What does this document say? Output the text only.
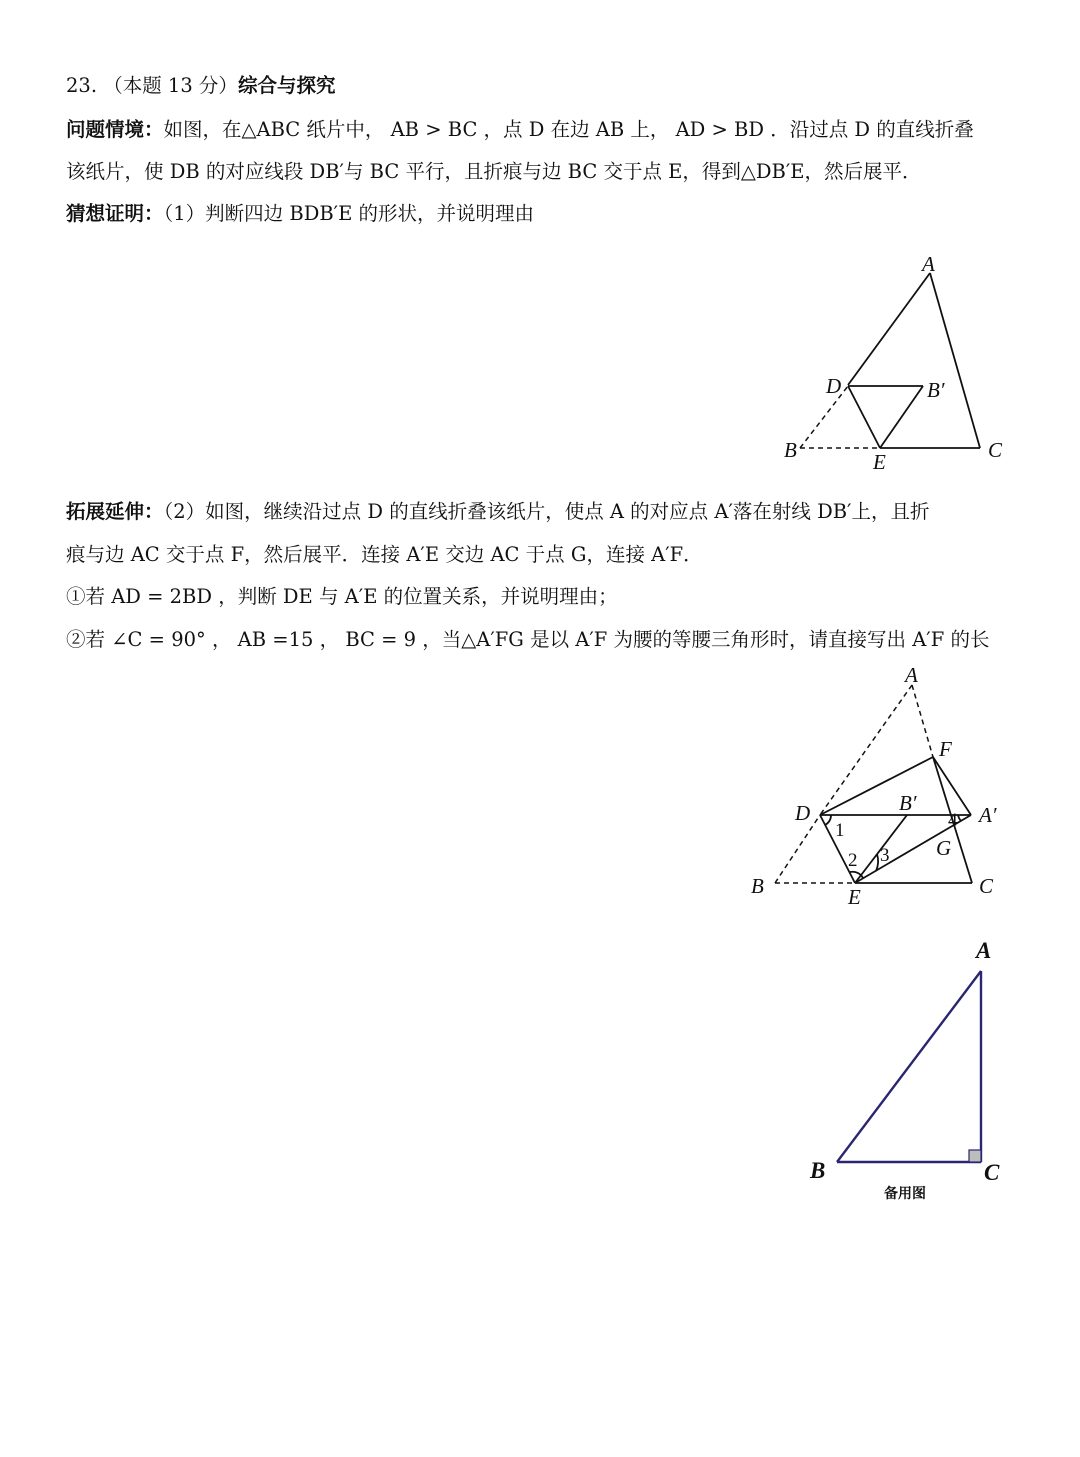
23. （本题 13 分）综合与探究
问题情境：如图，在△ABC 纸片中， AB > BC ，点 D 在边 AB 上， AD > BD ．沿过点 D 的直线折叠
该纸片，使 DB 的对应线段 DB′与 BC 平行，且折痕与边 BC 交于点 E，得到△DB′E，然后展平．
猜想证明：（1）判断四边 BDB′E 的形状，并说明理由
A
D	B′
B	E	C
拓展延伸：（2）如图，继续沿过点 D 的直线折叠该纸片，使点 A 的对应点 A′落在射线 DB′上，且折
痕与边 AC 交于点 F，然后展平．连接 A′E 交边 AC 于点 G，连接 A′F．
①若 AD = 2BD ，判断 DE 与 A′E 的位置关系，并说明理由；
②若 ∠C = 90° ， AB =15 ， BC = 9 ，当△A′FG 是以 A′F 为腰的等腰三角形时，请直接写出 A′F 的长
A
F
D	B′	A′
G
B	E	C
1
2 3
4
A
B	C
备用图
